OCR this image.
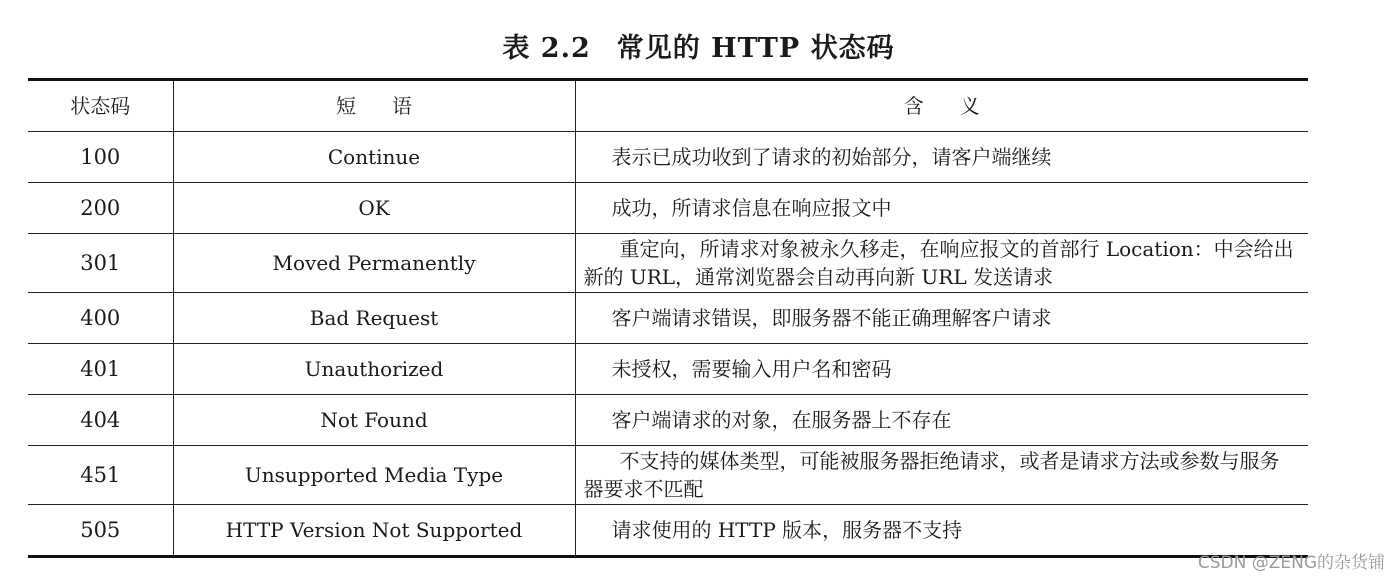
表 2.2 常见的 HTTP 状态码
状态码	短语	含义
100	Continue	表示已成功收到了请求的初始部分，请客户端继续
200	OK	成功，所请求信息在响应报文中
301	Moved Permanently	重定向，所请求对象被永久移走，在响应报文的首部行 Location：中会给出新的 URL，通常浏览器会自动再向新 URL 发送请求
400	Bad Request	客户端请求错误，即服务器不能正确理解客户请求
401	Unauthorized	未授权，需要输入用户名和密码
404	Not Found	客户端请求的对象，在服务器上不存在
451	Unsupported Media Type	不支持的媒体类型，可能被服务器拒绝请求，或者是请求方法或参数与服务器要求不匹配
505	HTTP Version Not Supported	请求使用的 HTTP 版本，服务器不支持
CSDN @ZENG的杂货铺
